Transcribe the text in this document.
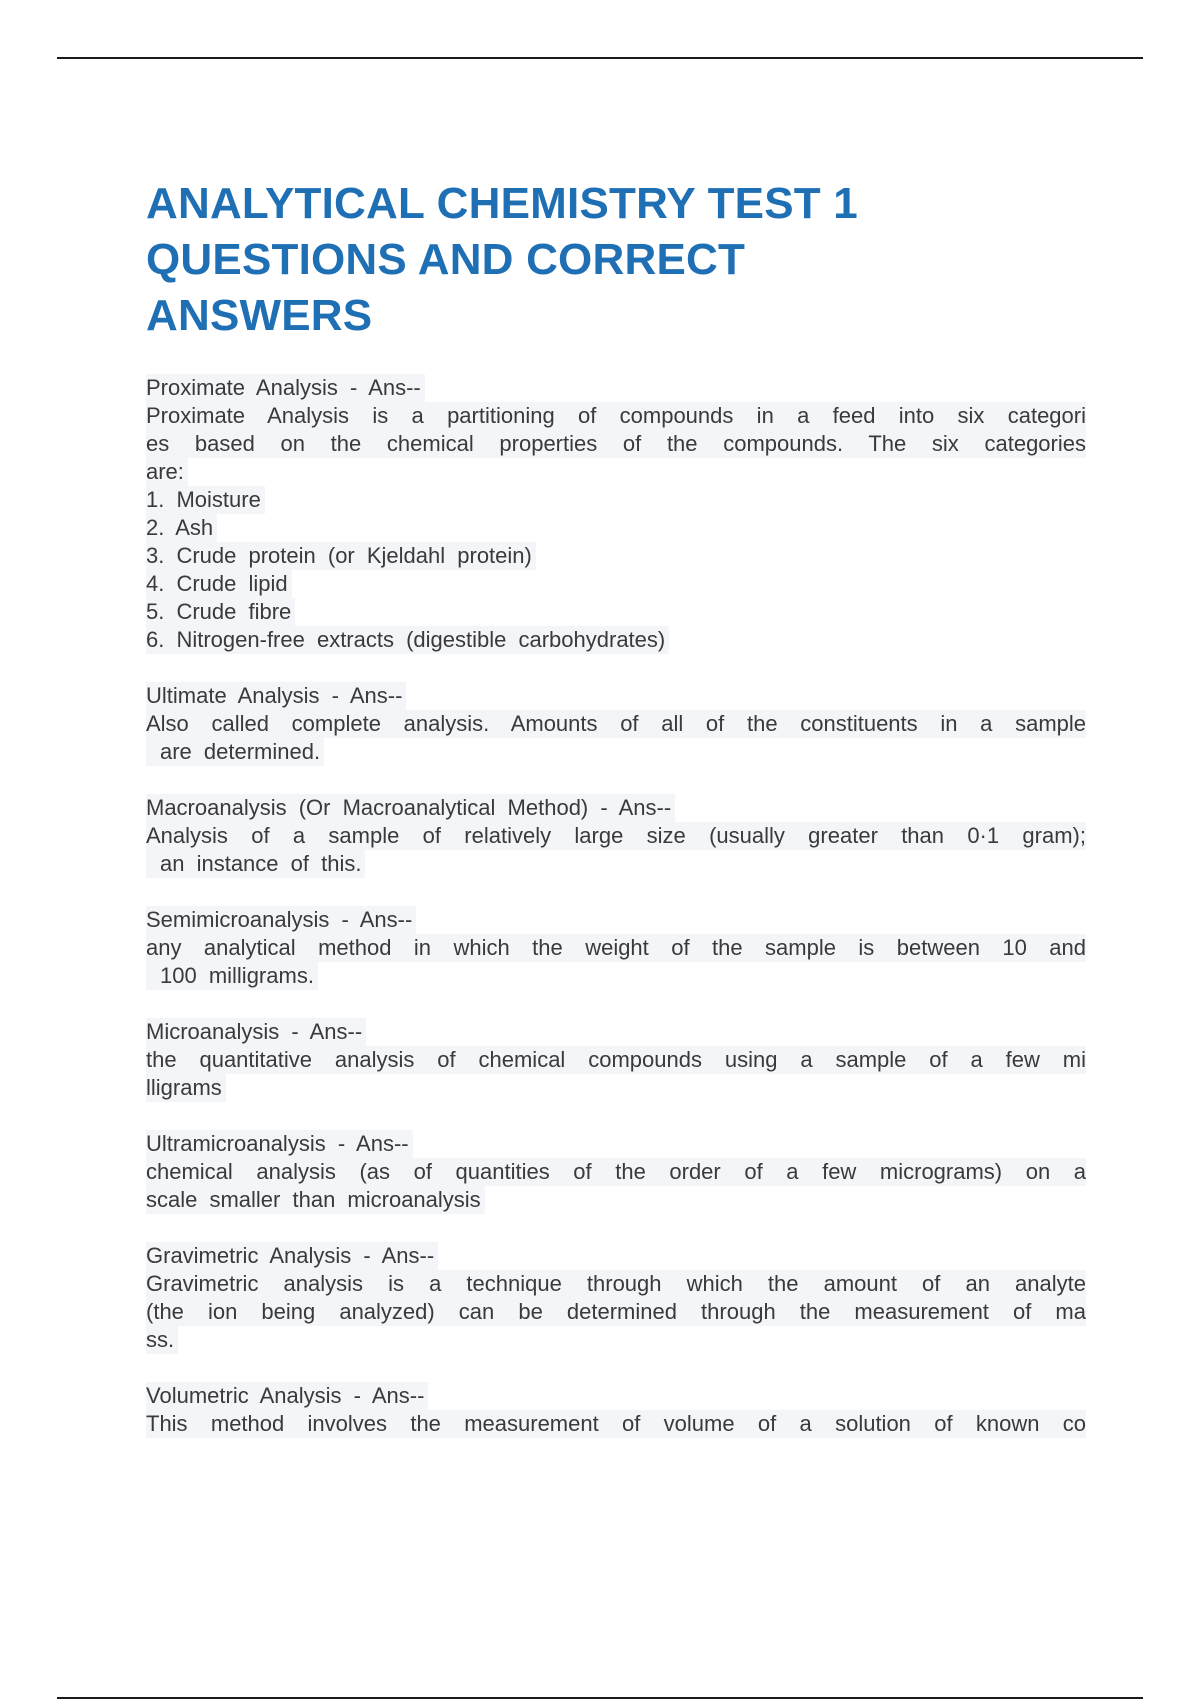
ANALYTICAL CHEMISTRY TEST 1
QUESTIONS AND CORRECT
ANSWERS
Proximate Analysis - Ans--
Proximate Analysis is a partitioning of compounds in a feed into six categori
es based on the chemical properties of the compounds. The six categories
are:
1. Moisture
2. Ash
3. Crude protein (or Kjeldahl protein)
4. Crude lipid
5. Crude fibre
6. Nitrogen-free extracts (digestible carbohydrates)
Ultimate Analysis - Ans--
Also called complete analysis. Amounts of all of the constituents in a sample
are determined.
Macroanalysis (Or Macroanalytical Method) - Ans--
Analysis of a sample of relatively large size (usually greater than 0·1 gram);
an instance of this.
Semimicroanalysis - Ans--
any analytical method in which the weight of the sample is between 10 and
100 milligrams.
Microanalysis - Ans--
the quantitative analysis of chemical compounds using a sample of a few mi
lligrams
Ultramicroanalysis - Ans--
chemical analysis (as of quantities of the order of a few micrograms) on a
scale smaller than microanalysis
Gravimetric Analysis - Ans--
Gravimetric analysis is a technique through which the amount of an analyte
(the ion being analyzed) can be determined through the measurement of ma
ss.
Volumetric Analysis - Ans--
This method involves the measurement of volume of a solution of known co
